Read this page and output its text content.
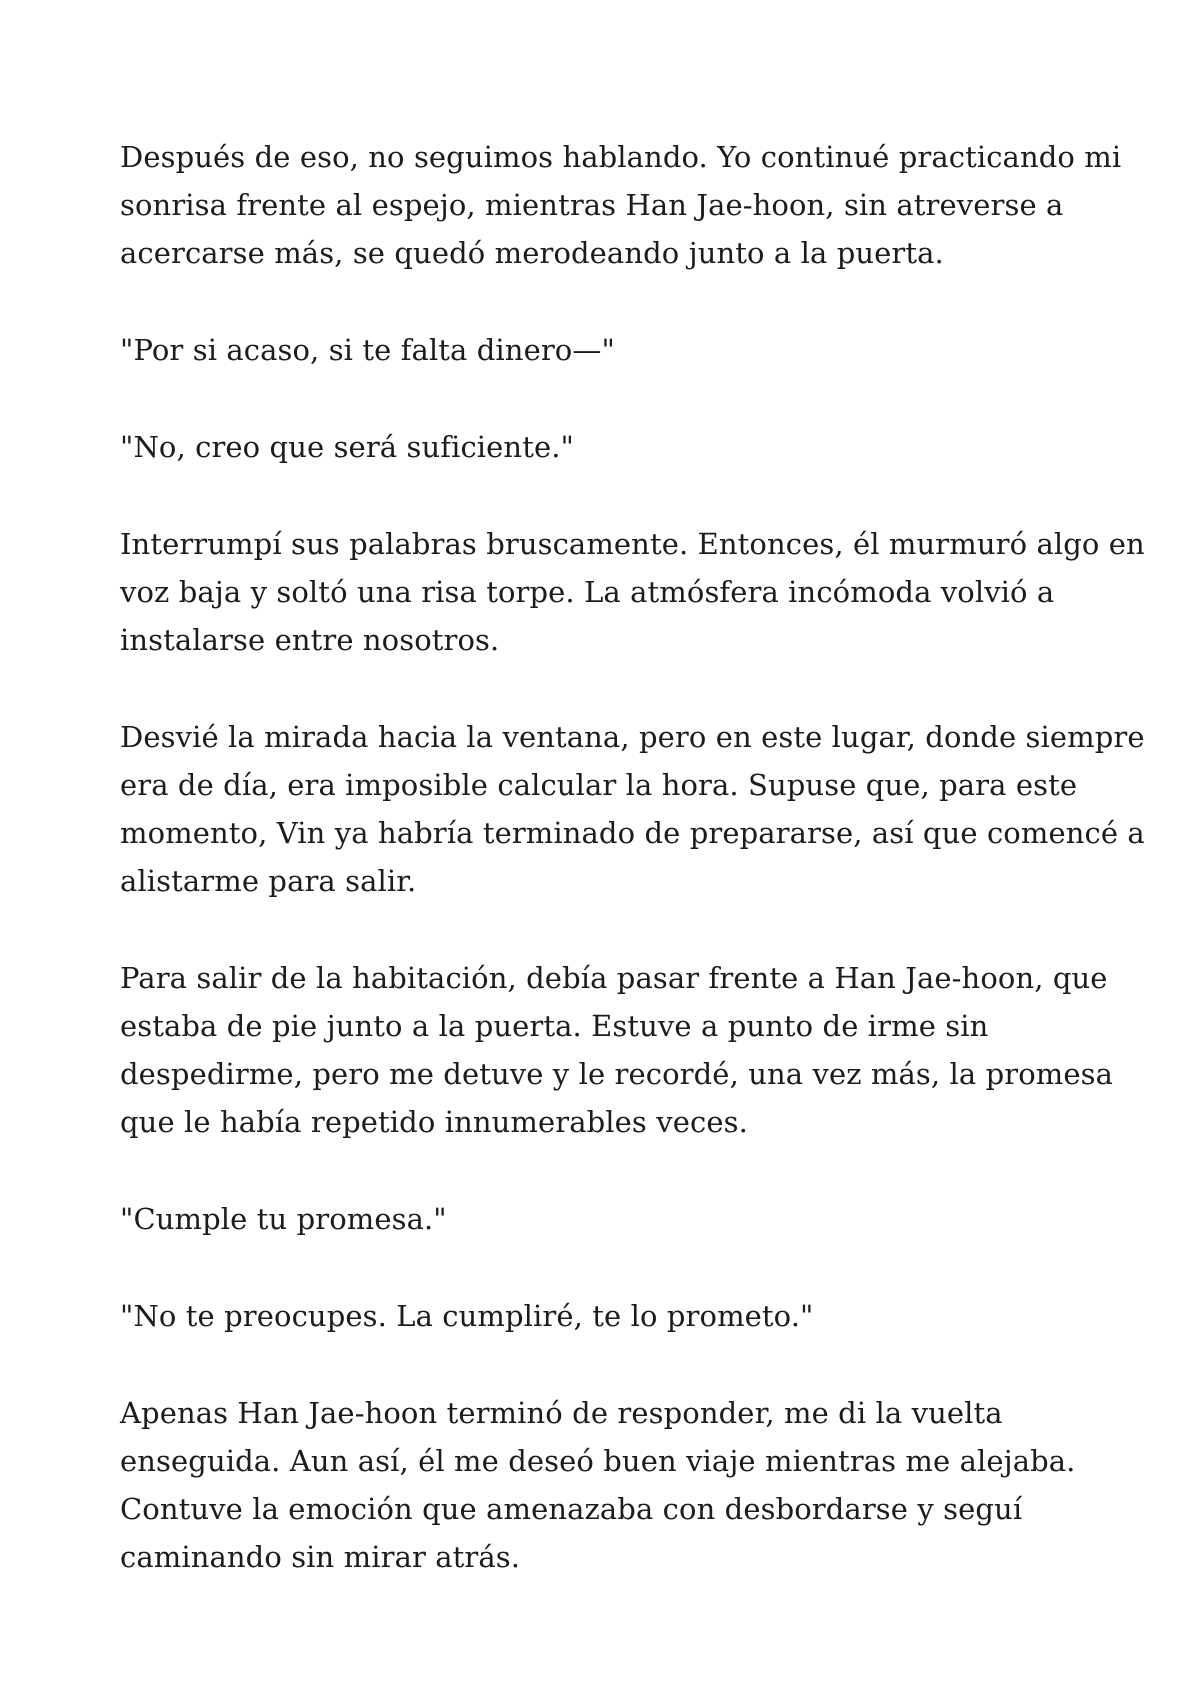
Después de eso, no seguimos hablando. Yo continué practicando mi
sonrisa frente al espejo, mientras Han Jae-hoon, sin atreverse a
acercarse más, se quedó merodeando junto a la puerta.

"Por si acaso, si te falta dinero—"

"No, creo que será suficiente."

Interrumpí sus palabras bruscamente. Entonces, él murmuró algo en
voz baja y soltó una risa torpe. La atmósfera incómoda volvió a
instalarse entre nosotros.

Desvié la mirada hacia la ventana, pero en este lugar, donde siempre
era de día, era imposible calcular la hora. Supuse que, para este
momento, Vin ya habría terminado de prepararse, así que comencé a
alistarme para salir.

Para salir de la habitación, debía pasar frente a Han Jae-hoon, que
estaba de pie junto a la puerta. Estuve a punto de irme sin
despedirme, pero me detuve y le recordé, una vez más, la promesa
que le había repetido innumerables veces.

"Cumple tu promesa."

"No te preocupes. La cumpliré, te lo prometo."

Apenas Han Jae-hoon terminó de responder, me di la vuelta
enseguida. Aun así, él me deseó buen viaje mientras me alejaba.
Contuve la emoción que amenazaba con desbordarse y seguí
caminando sin mirar atrás.
